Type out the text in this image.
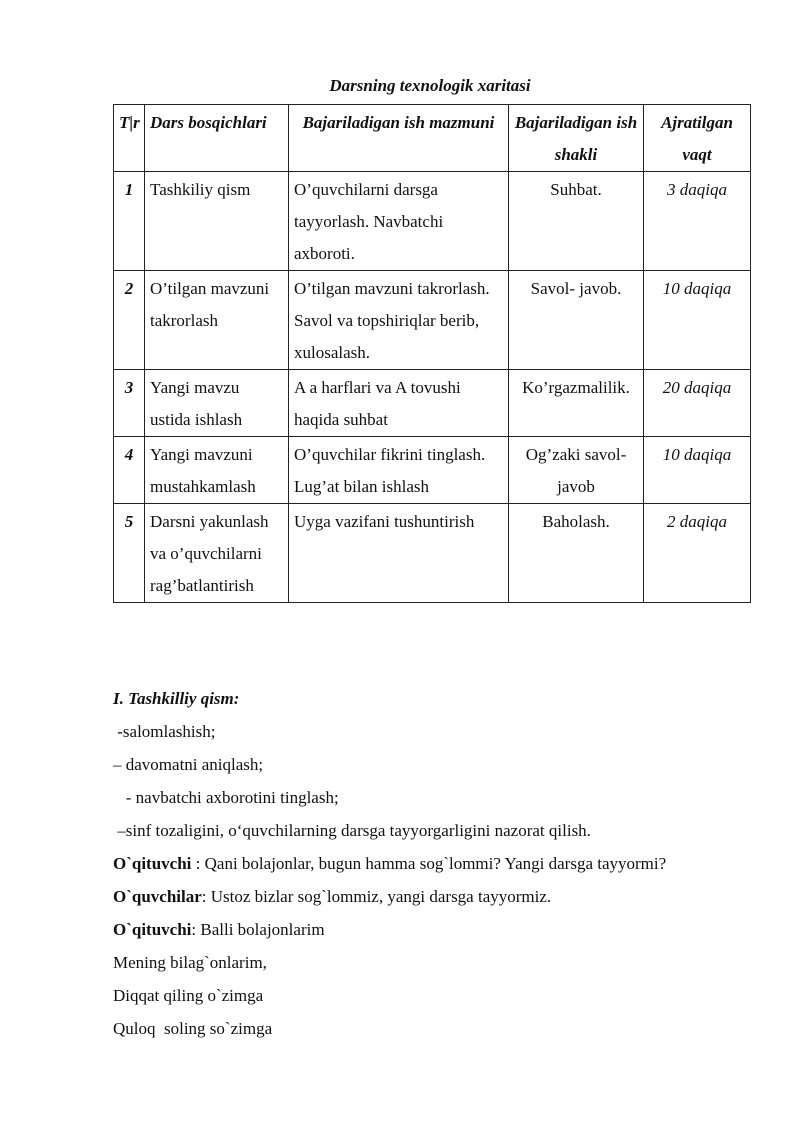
Darsning texnologik xaritasi
T|r	Dars bosqichlari	Bajariladigan ish mazmuni	Bajariladigan ish shakli	Ajratilgan vaqt
1	Tashkiliy qism	O’quvchilarni darsga tayyorlash. Navbatchi axboroti.	Suhbat.	3 daqiqa
2	O’tilgan mavzuni takrorlash	O’tilgan mavzuni takrorlash. Savol va topshiriqlar berib, xulosalash.	Savol- javob.	10 daqiqa
3	Yangi mavzu ustida ishlash	A a harflari va A tovushi haqida suhbat	Ko’rgazmalilik.	20 daqiqa
4	Yangi mavzuni mustahkamlash	O’quvchilar fikrini tinglash. Lug’at bilan ishlash	Og’zaki savol-javob	10 daqiqa
5	Darsni yakunlash va o’quvchilarni rag’batlantirish	Uyga vazifani tushuntirish	Baholash.	2 daqiqa

I. Tashkilliy qism:

-salomlashish;

– davomatni aniqlash;

- navbatchi axborotini tinglash;

–sinf tozaligini, o‘quvchilarning darsga tayyorgarligini nazorat qilish.

O`qituvchi : Qani bolajonlar, bugun hamma sog`lommi? Yangi darsga tayyormi?

O`quvchilar: Ustoz bizlar sog`lommiz, yangi darsga tayyormiz.

O`qituvchi: Balli bolajonlarim

Mening bilag`onlarim,

Diqqat qiling o`zimga

Quloq  soling so`zimga
